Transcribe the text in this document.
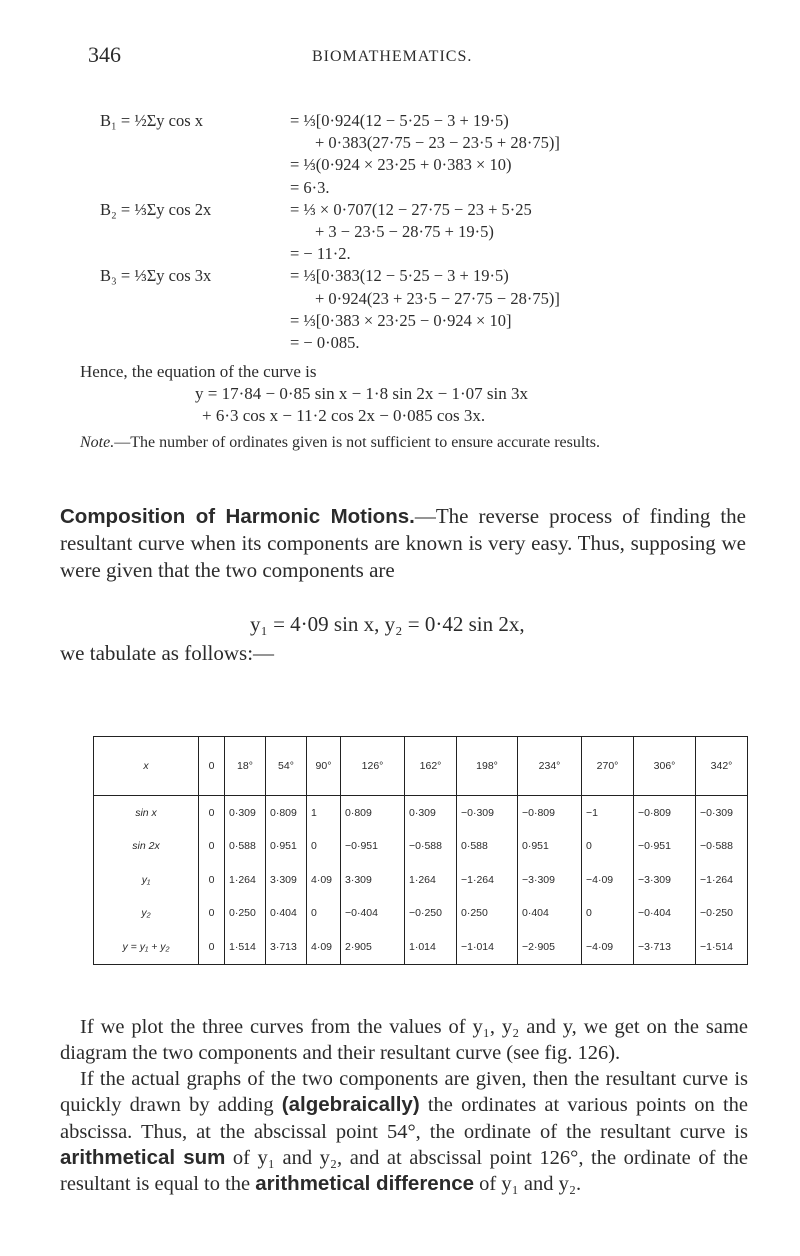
346	BIOMATHEMATICS.
B₁ = ½Σy cos x	= ⅓[0·924(12 − 5·25 − 3 + 19·5)
+ 0·383(27·75 − 23 − 23·5 + 28·75)]
= ⅓(0·924 × 23·25 + 0·383 × 10)
= 6·3.
B₂ = ⅓Σy cos 2x	= ⅓ × 0·707(12 − 27·75 − 23 + 5·25
+ 3 − 23·5 − 28·75 + 19·5)
= − 11·2.
B₃ = ⅓Σy cos 3x	= ⅓[0·383(12 − 5·25 − 3 + 19·5)
+ 0·924(23 + 23·5 − 27·75 − 28·75)]
= ⅓[0·383 × 23·25 − 0·924 × 10]
= − 0·085.
Hence, the equation of the curve is
y = 17·84 − 0·85 sin x − 1·8 sin 2x − 1·07 sin 3x
+ 6·3 cos x − 11·2 cos 2x − 0·085 cos 3x.
Note.—The number of ordinates given is not sufficient to ensure accurate results.
Composition of Harmonic Motions.—The reverse process of finding the resultant curve when its components are known is very easy. Thus, supposing we were given that the two components are
y₁ = 4·09 sin x, y₂ = 0·42 sin 2x,
we tabulate as follows:—
x	0	18°	54°	90°	126°	162°	198°	234°	270°	306°	342°
sin x	0	0·309	0·809	1	0·809	0·309	−0·309	−0·809	−1	−0·809	−0·309
sin 2x	0	0·588	0·951	0	−0·951	−0·588	0·588	0·951	0	−0·951	−0·588
y₁	0	1·264	3·309	4·09	3·309	1·264	−1·264	−3·309	−4·09	−3·309	−1·264
y₂	0	0·250	0·404	0	−0·404	−0·250	0·250	0·404	0	−0·404	−0·250
y = y₁ + y₂	0	1·514	3·713	4·09	2·905	1·014	−1·014	−2·905	−4·09	−3·713	−1·514
If we plot the three curves from the values of y₁, y₂ and y, we get on the same diagram the two components and their resultant curve (see fig. 126).
If the actual graphs of the two components are given, then the resultant curve is quickly drawn by adding (algebraically) the ordinates at various points on the abscissa. Thus, at the abscissal point 54°, the ordinate of the resultant curve is arithmetical sum of y₁ and y₂, and at abscissal point 126°, the ordinate of the resultant is equal to the arithmetical difference of y₁ and y₂.
